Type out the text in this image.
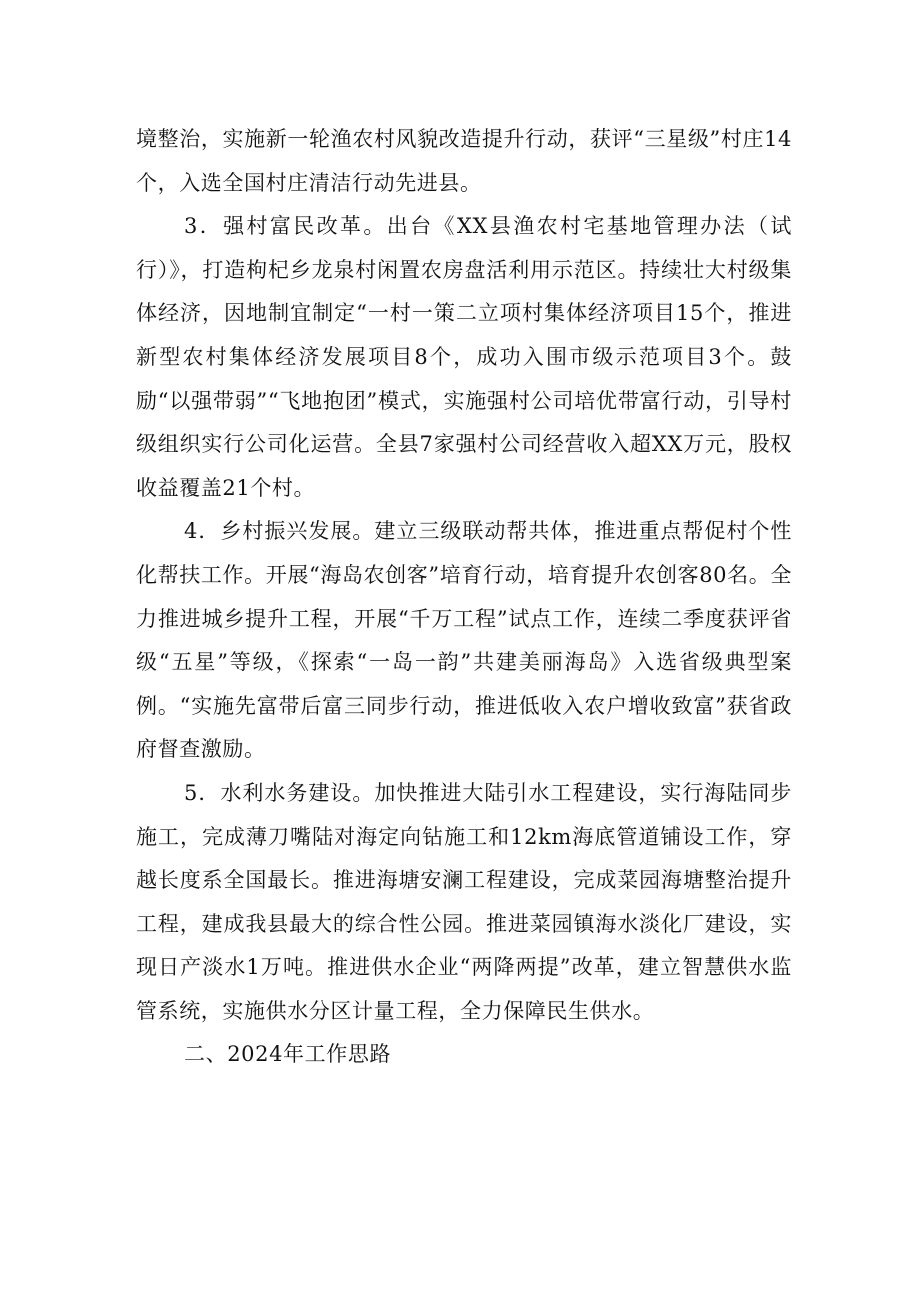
境整治，实施新一轮渔农村风貌改造提升行动，获评“三星级”村庄14个，入选全国村庄清洁行动先进县。

3．强村富民改革。出台《XX县渔农村宅基地管理办法（试行）》，打造枸杞乡龙泉村闲置农房盘活利用示范区。持续壮大村级集体经济，因地制宜制定“一村一策二立项村集体经济项目15个，推进新型农村集体经济发展项目8个，成功入围市级示范项目3个。鼓励“以强带弱”“飞地抱团”模式，实施强村公司培优带富行动，引导村级组织实行公司化运营。全县7家强村公司经营收入超XX万元，股权收益覆盖21个村。

4．乡村振兴发展。建立三级联动帮共体，推进重点帮促村个性化帮扶工作。开展“海岛农创客”培育行动，培育提升农创客80名。全力推进城乡提升工程，开展“千万工程”试点工作，连续二季度获评省级“五星”等级，《探索“一岛一韵”共建美丽海岛》入选省级典型案例。“实施先富带后富三同步行动，推进低收入农户增收致富”获省政府督查激励。

5．水利水务建设。加快推进大陆引水工程建设，实行海陆同步施工，完成薄刀嘴陆对海定向钻施工和12km海底管道铺设工作，穿越长度系全国最长。推进海塘安澜工程建设，完成菜园海塘整治提升工程，建成我县最大的综合性公园。推进菜园镇海水淡化厂建设，实现日产淡水1万吨。推进供水企业“两降两提”改革，建立智慧供水监管系统，实施供水分区计量工程，全力保障民生供水。

二、2024年工作思路
